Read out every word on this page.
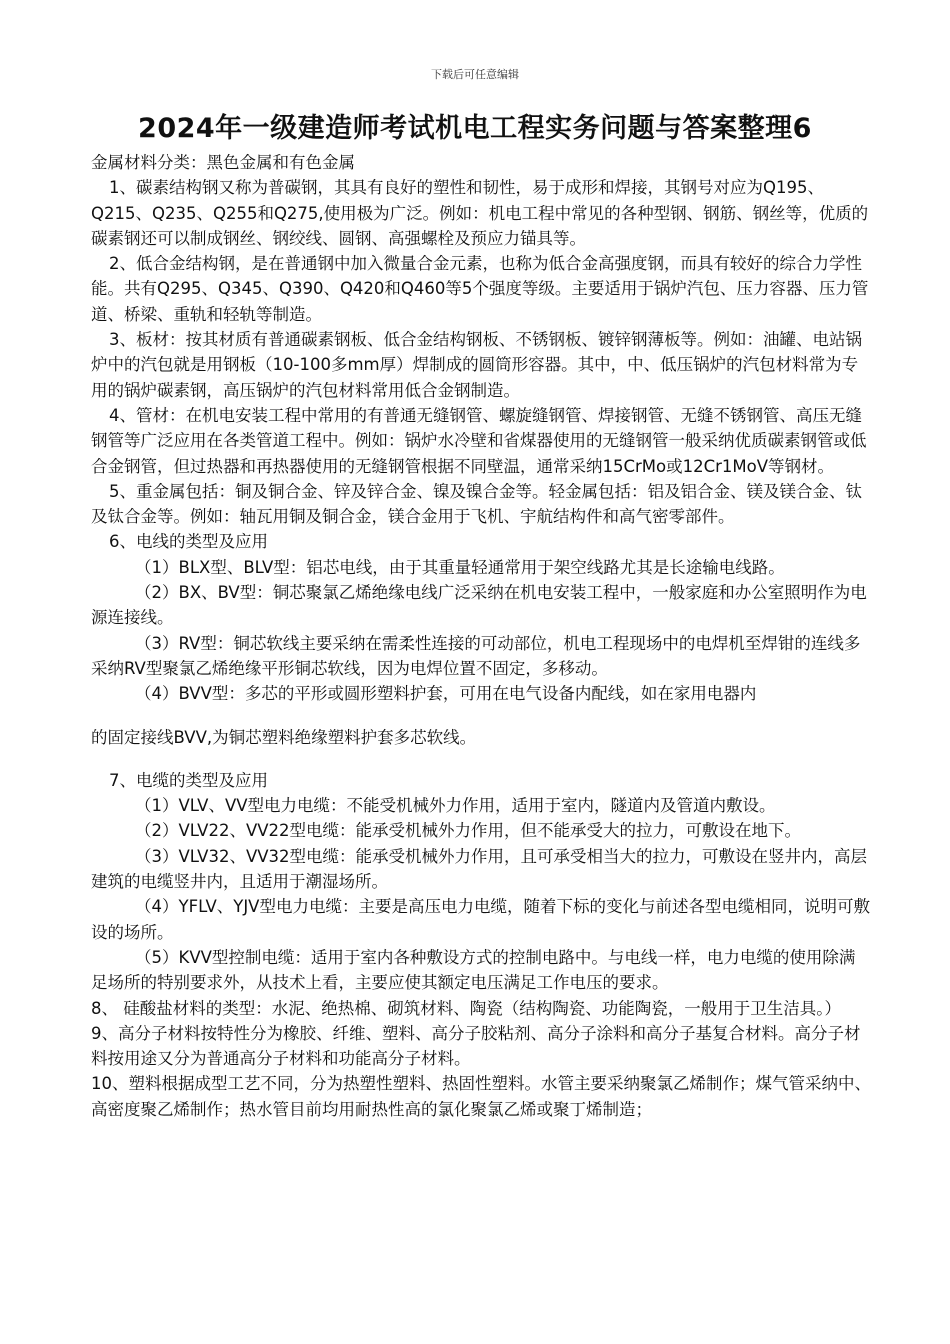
下载后可任意编辑
2024年一级建造师考试机电工程实务问题与答案整理6

金属材料分类：黑色金属和有色金属

1、碳素结构钢又称为普碳钢，其具有良好的塑性和韧性，易于成形和焊接，其钢号对应为Q195、Q215、Q235、Q255和Q275,使用极为广泛。例如：机电工程中常见的各种型钢、钢筋、钢丝等，优质的碳素钢还可以制成钢丝、钢绞线、圆钢、高强螺栓及预应力锚具等。

2、低合金结构钢，是在普通钢中加入微量合金元素，也称为低合金高强度钢，而具有较好的综合力学性能。共有Q295、Q345、Q390、Q420和Q460等5个强度等级。主要适用于锅炉汽包、压力容器、压力管道、桥梁、重轨和轻轨等制造。

3、板材：按其材质有普通碳素钢板、低合金结构钢板、不锈钢板、镀锌钢薄板等。例如：油罐、电站锅炉中的汽包就是用钢板（10-100多mm厚）焊制成的圆筒形容器。其中，中、低压锅炉的汽包材料常为专用的锅炉碳素钢，高压锅炉的汽包材料常用低合金钢制造。

4、管材：在机电安装工程中常用的有普通无缝钢管、螺旋缝钢管、焊接钢管、无缝不锈钢管、高压无缝钢管等广泛应用在各类管道工程中。例如：锅炉水冷壁和省煤器使用的无缝钢管一般采纳优质碳素钢管或低合金钢管，但过热器和再热器使用的无缝钢管根据不同壁温，通常采纳15CrMo或12Cr1MoV等钢材。

5、重金属包括：铜及铜合金、锌及锌合金、镍及镍合金等。轻金属包括：铝及铝合金、镁及镁合金、钛及钛合金等。例如：轴瓦用铜及铜合金，镁合金用于飞机、宇航结构件和高气密零部件。

6、电线的类型及应用

（1）BLX型、BLV型：铝芯电线，由于其重量轻通常用于架空线路尤其是长途输电线路。

（2）BX、BV型：铜芯聚氯乙烯绝缘电线广泛采纳在机电安装工程中，一般家庭和办公室照明作为电源连接线。

（3）RV型：铜芯软线主要采纳在需柔性连接的可动部位，机电工程现场中的电焊机至焊钳的连线多采纳RV型聚氯乙烯绝缘平形铜芯软线，因为电焊位置不固定，多移动。

（4）BVV型：多芯的平形或圆形塑料护套，可用在电气设备内配线，如在家用电器内

的固定接线BVV,为铜芯塑料绝缘塑料护套多芯软线。

7、电缆的类型及应用

（1）VLV、VV型电力电缆：不能受机械外力作用，适用于室内，隧道内及管道内敷设。

（2）VLV22、VV22型电缆：能承受机械外力作用，但不能承受大的拉力，可敷设在地下。

（3）VLV32、VV32型电缆：能承受机械外力作用，且可承受相当大的拉力，可敷设在竖井内，高层建筑的电缆竖井内，且适用于潮湿场所。

（4）YFLV、YJV型电力电缆：主要是高压电力电缆，随着下标的变化与前述各型电缆相同，说明可敷设的场所。

（5）KVV型控制电缆：适用于室内各种敷设方式的控制电路中。与电线一样，电力电缆的使用除满足场所的特别要求外，从技术上看，主要应使其额定电压满足工作电压的要求。

8、 硅酸盐材料的类型：水泥、绝热棉、砌筑材料、陶瓷（结构陶瓷、功能陶瓷，一般用于卫生洁具。）

9、高分子材料按特性分为橡胶、纤维、塑料、高分子胶粘剂、高分子涂料和高分子基复合材料。高分子材料按用途又分为普通高分子材料和功能高分子材料。

10、塑料根据成型工艺不同，分为热塑性塑料、热固性塑料。水管主要采纳聚氯乙烯制作；煤气管采纳中、高密度聚乙烯制作；热水管目前均用耐热性高的氯化聚氯乙烯或聚丁烯制造；
